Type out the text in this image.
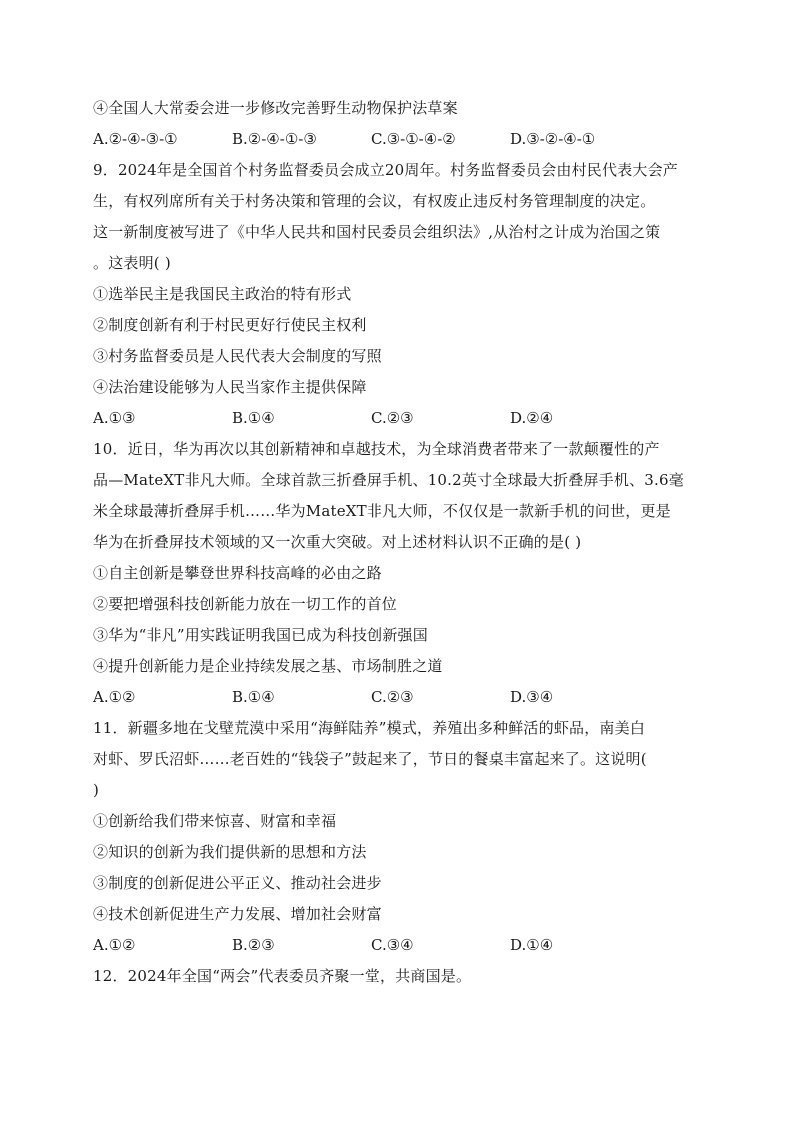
④全国人大常委会进一步修改完善野生动物保护法草案
A.②-④-③-①	B.②-④-①-③	C.③-①-④-②	D.③-②-④-①
9．2024年是全国首个村务监督委员会成立20周年。村务监督委员会由村民代表大会产
生，有权列席所有关于村务决策和管理的会议，有权废止违反村务管理制度的决定。
这一新制度被写进了《中华人民共和国村民委员会组织法》,从治村之计成为治国之策
。这表明( )
①选举民主是我国民主政治的特有形式
②制度创新有利于村民更好行使民主权利
③村务监督委员是人民代表大会制度的写照
④法治建设能够为人民当家作主提供保障
A.①③	B.①④	C.②③	D.②④
10．近日，华为再次以其创新精神和卓越技术，为全球消费者带来了一款颠覆性的产
品—MateXT非凡大师。全球首款三折叠屏手机、10.2英寸全球最大折叠屏手机、3.6毫
米全球最薄折叠屏手机……华为MateXT非凡大师，不仅仅是一款新手机的问世，更是
华为在折叠屏技术领域的又一次重大突破。对上述材料认识不正确的是( )
①自主创新是攀登世界科技高峰的必由之路
②要把增强科技创新能力放在一切工作的首位
③华为“非凡”用实践证明我国已成为科技创新强国
④提升创新能力是企业持续发展之基、市场制胜之道
A.①②	B.①④	C.②③	D.③④
11．新疆多地在戈壁荒漠中采用“海鲜陆养”模式，养殖出多种鲜活的虾品，南美白
对虾、罗氏沼虾……老百姓的“钱袋子”鼓起来了，节日的餐桌丰富起来了。这说明(
)
①创新给我们带来惊喜、财富和幸福
②知识的创新为我们提供新的思想和方法
③制度的创新促进公平正义、推动社会进步
④技术创新促进生产力发展、增加社会财富
A.①②	B.②③	C.③④	D.①④
12．2024年全国“两会”代表委员齐聚一堂，共商国是。
